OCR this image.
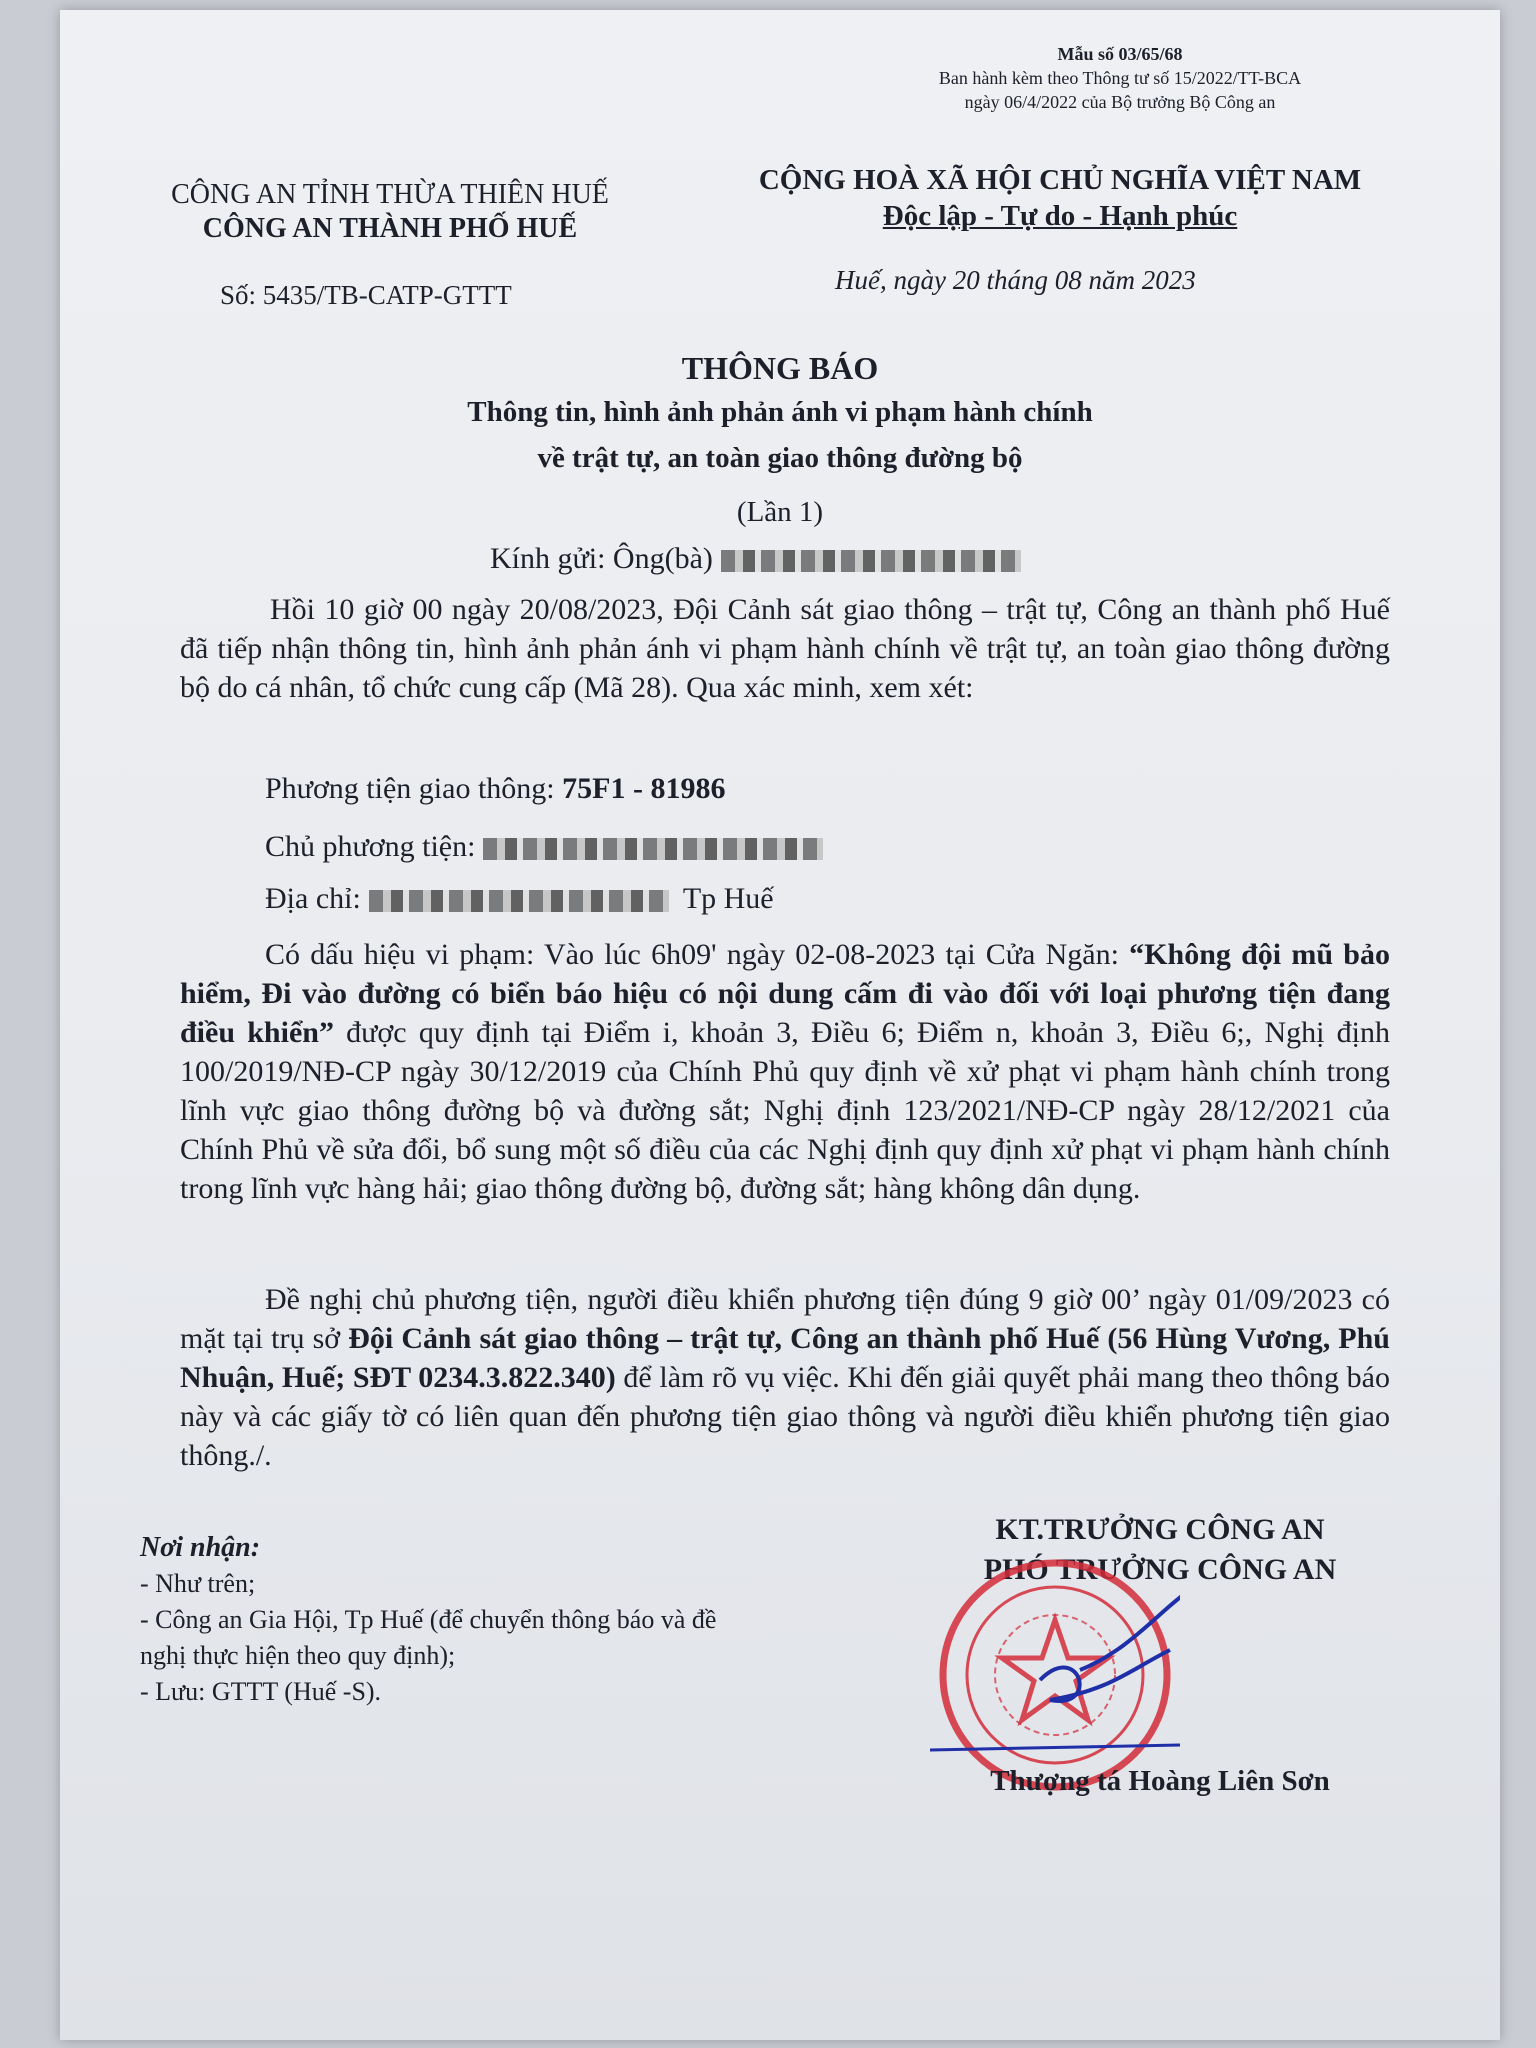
Mẫu số 03/65/68
Ban hành kèm theo Thông tư số 15/2022/TT-BCA
ngày 06/4/2022 của Bộ trưởng Bộ Công an
CÔNG AN TỈNH THỪA THIÊN HUẾ
CÔNG AN THÀNH PHỐ HUẾ
Số: 5435/TB-CATP-GTTT
CỘNG HOÀ XÃ HỘI CHỦ NGHĨA VIỆT NAM
Độc lập - Tự do - Hạnh phúc
Huế, ngày 20 tháng 08 năm 2023
THÔNG BÁO
Thông tin, hình ảnh phản ánh vi phạm hành chính
về trật tự, an toàn giao thông đường bộ
(Lần 1)
Kính gửi: Ông(bà)
Hồi 10 giờ 00 ngày 20/08/2023, Đội Cảnh sát giao thông – trật tự, Công an thành phố Huế đã tiếp nhận thông tin, hình ảnh phản ánh vi phạm hành chính về trật tự, an toàn giao thông đường bộ do cá nhân, tổ chức cung cấp (Mã 28). Qua xác minh, xem xét:
Phương tiện giao thông: 75F1 - 81986
Chủ phương tiện:
Địa chỉ:	Tp Huế
Có dấu hiệu vi phạm: Vào lúc 6h09' ngày 02-08-2023 tại Cửa Ngăn: “Không đội mũ bảo hiểm, Đi vào đường có biển báo hiệu có nội dung cấm đi vào đối với loại phương tiện đang điều khiển” được quy định tại Điểm i, khoản 3, Điều 6; Điểm n, khoản 3, Điều 6;, Nghị định 100/2019/NĐ-CP ngày 30/12/2019 của Chính Phủ quy định về xử phạt vi phạm hành chính trong lĩnh vực giao thông đường bộ và đường sắt; Nghị định 123/2021/NĐ-CP ngày 28/12/2021 của Chính Phủ về sửa đổi, bổ sung một số điều của các Nghị định quy định xử phạt vi phạm hành chính trong lĩnh vực hàng hải; giao thông đường bộ, đường sắt; hàng không dân dụng.
Đề nghị chủ phương tiện, người điều khiển phương tiện đúng 9 giờ 00’ ngày 01/09/2023 có mặt tại trụ sở Đội Cảnh sát giao thông – trật tự, Công an thành phố Huế (56 Hùng Vương, Phú Nhuận, Huế; SĐT 0234.3.822.340) để làm rõ vụ việc. Khi đến giải quyết phải mang theo thông báo này và các giấy tờ có liên quan đến phương tiện giao thông và người điều khiển phương tiện giao thông./.
Nơi nhận:
- Như trên;
- Công an Gia Hội, Tp Huế (để chuyển thông báo và đề nghị thực hiện theo quy định);
- Lưu: GTTT (Huế -S).
KT.TRƯỞNG CÔNG AN
PHÓ TRƯỞNG CÔNG AN
Thượng tá Hoàng Liên Sơn
